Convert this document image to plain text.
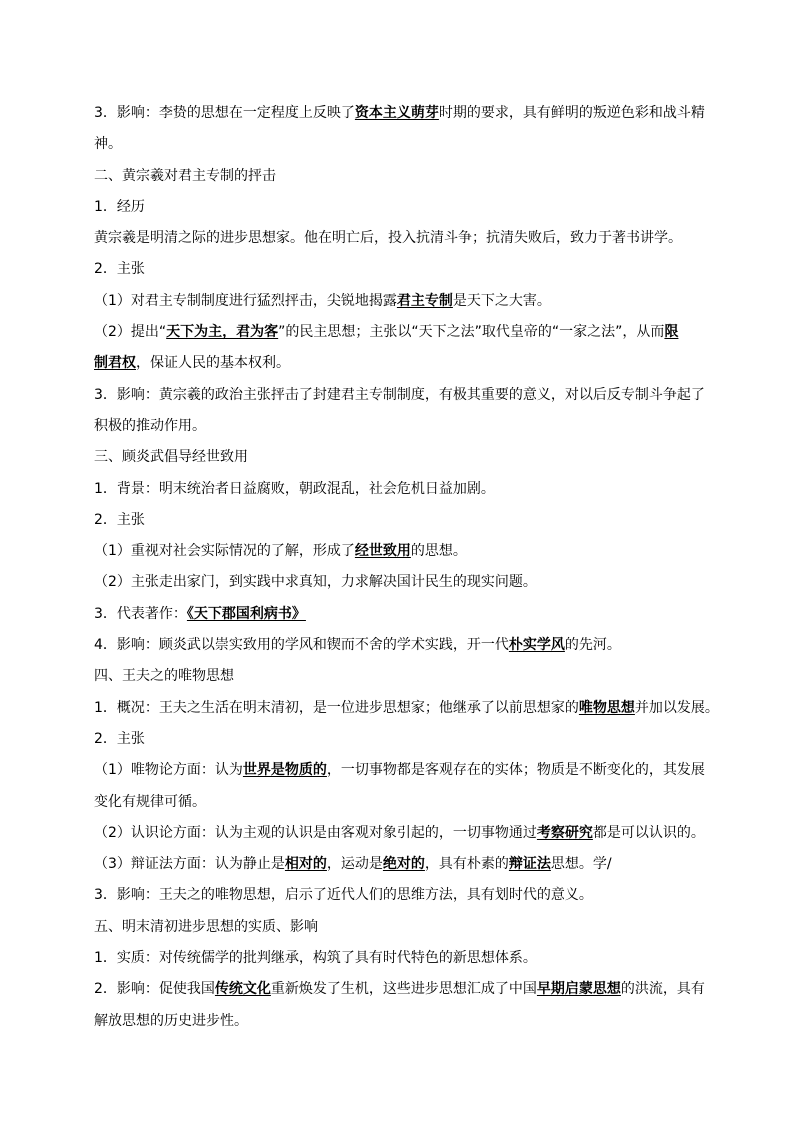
3．影响：李贽的思想在一定程度上反映了资本主义萌芽时期的要求，具有鲜明的叛逆色彩和战斗精
神。
二、黄宗羲对君主专制的抨击
1．经历
黄宗羲是明清之际的进步思想家。他在明亡后，投入抗清斗争；抗清失败后，致力于著书讲学。
2．主张
（1）对君主专制制度进行猛烈抨击，尖锐地揭露君主专制是天下之大害。
（2）提出“天下为主，君为客”的民主思想；主张以“天下之法”取代皇帝的“一家之法”，从而限
制君权，保证人民的基本权利。
3．影响：黄宗羲的政治主张抨击了封建君主专制制度，有极其重要的意义，对以后反专制斗争起了
积极的推动作用。
三、顾炎武倡导经世致用
1．背景：明末统治者日益腐败，朝政混乱，社会危机日益加剧。
2．主张
（1）重视对社会实际情况的了解，形成了经世致用的思想。
（2）主张走出家门，到实践中求真知，力求解决国计民生的现实问题。
3．代表著作：《天下郡国利病书》
4．影响：顾炎武以崇实致用的学风和锲而不舍的学术实践，开一代朴实学风的先河。
四、王夫之的唯物思想
1．概况：王夫之生活在明末清初，是一位进步思想家；他继承了以前思想家的唯物思想并加以发展。
2．主张
（1）唯物论方面：认为世界是物质的，一切事物都是客观存在的实体；物质是不断变化的，其发展
变化有规律可循。
（2）认识论方面：认为主观的认识是由客观对象引起的，一切事物通过考察研究都是可以认识的。
（3）辩证法方面：认为静止是相对的，运动是绝对的，具有朴素的辩证法思想。学/
3．影响：王夫之的唯物思想，启示了近代人们的思维方法，具有划时代的意义。
五、明末清初进步思想的实质、影响
1．实质：对传统儒学的批判继承，构筑了具有时代特色的新思想体系。
2．影响：促使我国传统文化重新焕发了生机，这些进步思想汇成了中国早期启蒙思想的洪流，具有
解放思想的历史进步性。
